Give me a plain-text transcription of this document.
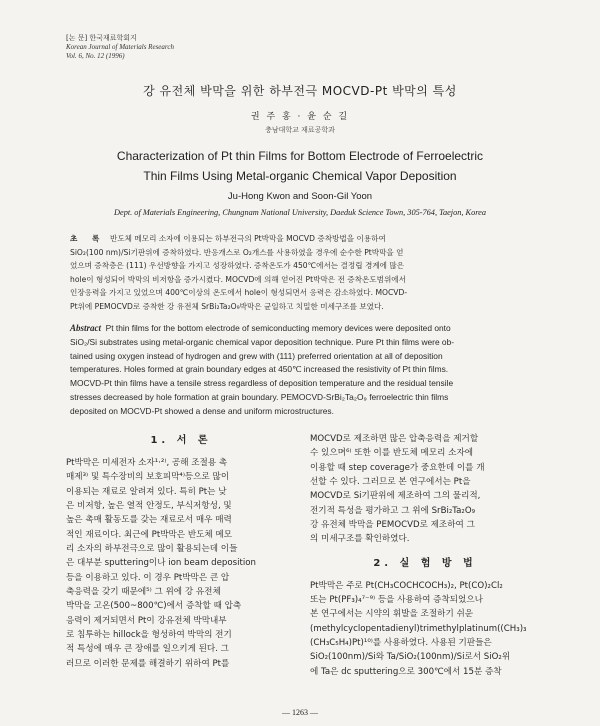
[논 문] 한국재료학회지
Korean Journal of Materials Research
Vol. 6, No. 12 (1996)
강 유전체 박막을 위한 하부전극 MOCVD-Pt 박막의 특성
권 주 홍 · 윤 순 길
충남대학교 재료공학과
Characterization of Pt thin Films for Bottom Electrode of Ferroelectric
Thin Films Using Metal-organic Chemical Vapor Deposition
Ju-Hong Kwon and Soon-Gil Yoon
Dept. of Materials Engineering, Chungnam National University, Daeduk Science Town, 305-764, Taejon, Korea

초 록 반도체 메모리 소자에 이용되는 하부전극의 Pt박막을 MOCVD 증착방법을 이용하여

SiO₂(100 nm)/Si기판위에 증착하였다. 반응개스로 O₂개스를 사용하였을 경우에 순수한 Pt박막을 얻

었으며 증착층은 (111) 우선방향을 가지고 성장하였다. 증착온도가 450℃에서는 결정립 경계에 많은

hole이 형성되어 박막의 비저항을 증가시켰다. MOCVD에 의해 얻어진 Pt박막은 전 증착온도범위에서

인장응력을 가지고 있었으며 400℃이상의 온도에서 hole이 형성되면서 응력은 감소하였다. MOCVD-

Pt위에 PEMOCVD로 증착한 강 유전체 SrBi₂Ta₂O₉박막은 균일하고 치밀한 미세구조를 보였다.

Abstract Pt thin films for the bottom electrode of semiconducting memory devices were deposited onto

SiO₂/Si substrates using metal-organic chemical vapor deposition technique. Pure Pt thin films were ob-

tained using oxygen instead of hydrogen and grew with (111) preferred orientation at all of deposition

temperatures. Holes formed at grain boundary edges at 450℃ increased the resistivity of Pt thin films.

MOCVD-Pt thin films have a tensile stress regardless of deposition temperature and the residual tensile

stresses decreased by hole formation at grain boundary. PEMOCVD-SrBi₂Ta₂O₉ ferroelectric thin films

deposited on MOCVD-Pt showed a dense and uniform microstructures.

1. 서 론

Pt박막은 미세전자 소자¹·²⁾, 공해 조절용 촉

매제³⁾ 및 특수장비의 보호피막⁴⁾등으로 많이

이용되는 재료로 알려져 있다. 특히 Pt는 낮

은 비저항, 높은 열적 안정도, 부식저항성, 및

높은 촉매 활동도를 갖는 재료로서 매우 매력

적인 재료이다. 최근에 Pt박막은 반도체 메모

리 소자의 하부전극으로 많이 활용되는데 이들

은 대부분 sputtering이나 ion beam deposition

등을 이용하고 있다. 이 경우 Pt박막은 큰 압

축응력을 갖기 때문에⁵⁾ 그 위에 강 유전체

박막을 고온(500~800℃)에서 증착할 때 압축

응력이 제거되면서 Pt이 강유전체 박막내부

로 침투하는 hillock을 형성하여 박막의 전기

적 특성에 매우 큰 장애를 일으키게 된다. 그

러므로 이러한 문제를 해결하기 위하여 Pt를

MOCVD로 제조하면 많은 압축응력을 제거할

수 있으며⁶⁾ 또한 이를 반도체 메모리 소자에

이용할 때 step coverage가 중요한데 이를 개

선할 수 있다. 그러므로 본 연구에서는 Pt을

MOCVD로 Si기판위에 제조하여 그의 물리적,

전기적 특성을 평가하고 그 위에 SrBi₂Ta₂O₉

강 유전체 박막을 PEMOCVD로 제조하여 그

의 미세구조를 확인하였다.

2. 실 험 방 법

Pt박막은 주로 Pt(CH₃COCHCOCH₃)₂, Pt(CO)₂Cl₂

또는 Pt(PF₃)₄⁷⁻⁹⁾ 등을 사용하여 증착되었으나

본 연구에서는 시약의 휘발을 조절하기 쉬운

(methylcyclopentadienyl)trimethylplatinum((CH₃)₃

(CH₃C₅H₄)Pt)¹⁰⁾를 사용하였다. 사용된 기판들은

SiO₂(100nm)/Si와 Ta/SiO₂(100nm)/Si로서 SiO₂위

에 Ta은 dc sputtering으로 300℃에서 15분 증착

— 1263 —
